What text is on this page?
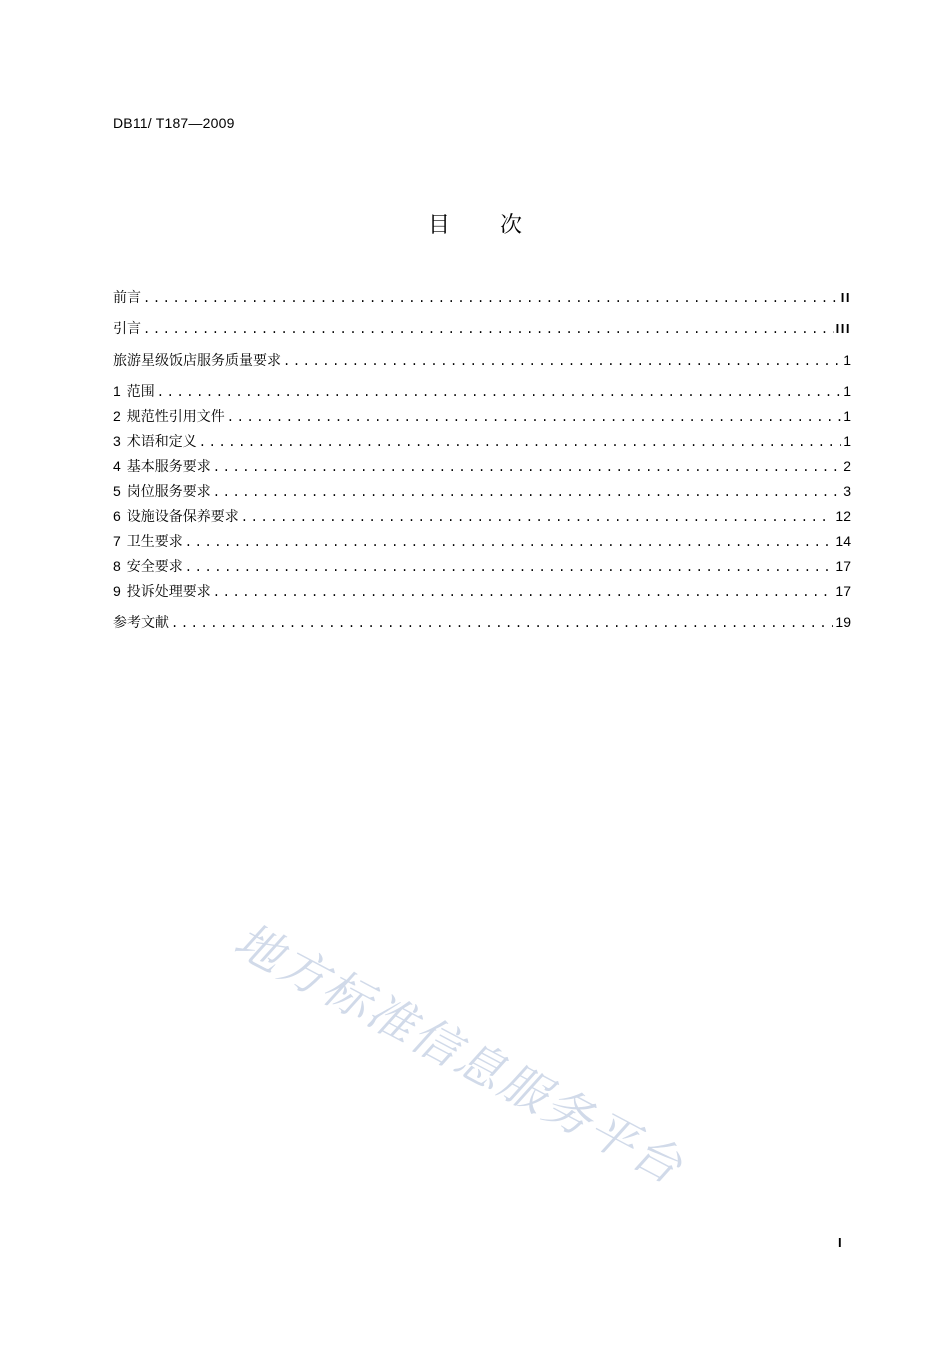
DB11/ T187—2009
目 次
前言 .....	II
引言 .....	III
旅游星级饭店服务质量要求 .....	1
1 范围 .....	1
2 规范性引用文件 .....	1
3 术语和定义 .....	1
4 基本服务要求 .....	2
5 岗位服务要求 .....	3
6 设施设备保养要求 .....	12
7 卫生要求 .....	14
8 安全要求 .....	17
9 投诉处理要求 .....	17
参考文献 .....	19
地方标准信息服务平台
I
